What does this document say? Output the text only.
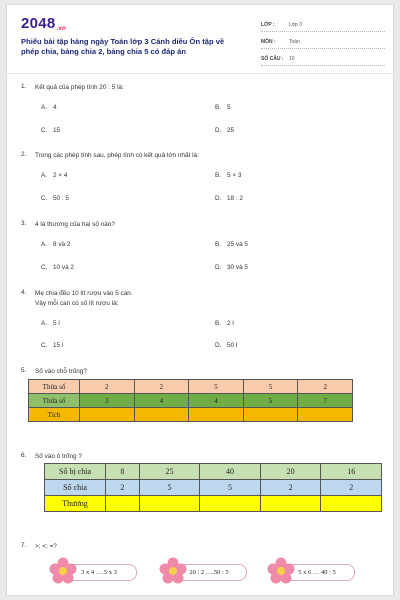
2048.vn
Phiếu bài tập hàng ngày Toán lớp 3 Cánh diều Ôn tập về phép chia, bảng chia 2, bảng chia 5 có đáp án
LỚP :	Lớp 3
MÔN :	Toán
SỐ CÂU :	10
1.	Kết quả của phép tính 20 : 5 là:
A. 4	B. 5
C. 15	D. 25
2.	Trong các phép tính sau, phép tính có kết quả lớn nhất là:
A. 2 × 4	B. 5 × 3
C. 50 : 5	D. 18 : 2
3.	4 là thương của hai số nào?
A. 8 và 2	B. 25 và 5
C. 10 và 2	D. 30 và 5
4.	Mẹ chia đều 10 lít rượu vào 5 can.
Vậy mỗi can có số lít rượu là:
A. 5 l	B. 2 l
C. 15 l	D. 50 l
5.	Số vào chỗ trống?
Thừa số	2	2	5	5	2
Thừa số	3	4	4	5	7
Tích					
6.	Số vào ô trống ?
Số bị chia	8	25	40	20	16
Số chia	2	5	5	2	2
Thương					
7.	>; <; =?
3 x 4 ….5 x 3	20 : 2 ….50 : 5	5 x 6 … 40 : 5
